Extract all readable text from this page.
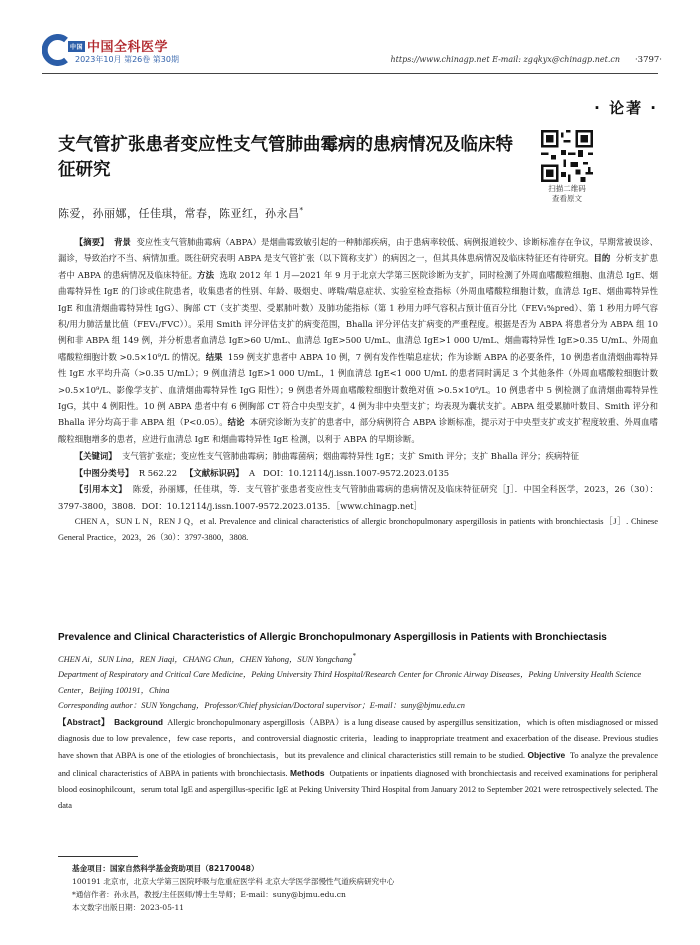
中国 中国全科医学
2023年10月 第26卷 第30期	https://www.chinagp.net E-mail: zgqkyx@chinagp.net.cn ·3797·
· 论著 ·
支气管扩张患者变应性支气管肺曲霉病的患病情况及临床特征研究
扫描二维码
查看原文
陈爱，孙丽娜，任佳琪，常春，陈亚红，孙永昌*

【摘要】 背景 变应性支气管肺曲霉病（ABPA）是烟曲霉致敏引起的一种肺部疾病，由于患病率较低、病例报道较少、诊断标准存在争议，早期常被误诊、漏诊，导致治疗不当、病情加重。既往研究表明 ABPA 是支气管扩张（以下简称支扩）的病因之一，但其具体患病情况及临床特征还有待研究。目的 分析支扩患者中 ABPA 的患病情况及临床特征。方法 选取 2012 年 1 月—2021 年 9 月于北京大学第三医院诊断为支扩，同时检测了外周血嗜酸粒细胞、血清总 IgE、烟曲霉特异性 IgE 的门诊或住院患者，收集患者的性别、年龄、吸烟史、哮喘/喘息症状、实验室检查指标（外周血嗜酸粒细胞计数，血清总 IgE、烟曲霉特异性 IgE 和血清烟曲霉特异性 IgG）、胸部 CT（支扩类型、受累肺叶数）及肺功能指标（第 1 秒用力呼气容积占预计值百分比（FEV₁%pred）、第 1 秒用力呼气容积/用力肺活量比值（FEV₁/FVC））。采用 Smith 评分评估支扩的病变范围，Bhalla 评分评估支扩病变的严重程度。根据是否为 ABPA 将患者分为 ABPA 组 10 例和非 ABPA 组 149 例，并分析患者血清总 IgE>60 U/mL、血清总 IgE>500 U/mL、血清总 IgE>1 000 U/mL、烟曲霉特异性 IgE>0.35 U/mL、外周血嗜酸粒细胞计数 >0.5×10⁹/L 的情况。结果 159 例支扩患者中 ABPA 10 例，7 例有发作性喘息症状；作为诊断 ABPA 的必要条件，10 例患者血清烟曲霉特异性 IgE 水平均升高（>0.35 U/mL）；9 例血清总 IgE>1 000 U/mL，1 例血清总 IgE<1 000 U/mL 的患者同时满足 3 个其他条件（外周血嗜酸粒细胞计数 >0.5×10⁹/L、影像学支扩、血清烟曲霉特异性 IgG 阳性）；9 例患者外周血嗜酸粒细胞计数绝对值 >0.5×10⁹/L。10 例患者中 5 例检测了血清烟曲霉特异性 IgG，其中 4 例阳性。10 例 ABPA 患者中有 6 例胸部 CT 符合中央型支扩，4 例为非中央型支扩；均表现为囊状支扩。ABPA 组受累肺叶数目、Smith 评分和 Bhalla 评分均高于非 ABPA 组（P<0.05）。结论 本研究诊断为支扩的患者中，部分病例符合 ABPA 诊断标准，提示对于中央型支扩或支扩程度较重、外周血嗜酸粒细胞增多的患者，应进行血清总 IgE 和烟曲霉特异性 IgE 检测，以利于 ABPA 的早期诊断。

【关键词】 支气管扩张症；变应性支气管肺曲霉病；肺曲霉菌病；烟曲霉特异性 IgE；支扩 Smith 评分；支扩 Bhalla 评分；疾病特征

【中图分类号】 R 562.22 【文献标识码】 A DOI：10.12114/j.issn.1007-9572.2023.0135

【引用本文】 陈爱，孙丽娜，任佳琪，等．支气管扩张患者变应性支气管肺曲霉病的患病情况及临床特征研究［J］．中国全科医学，2023，26（30）：3797-3800，3808．DOI：10.12114/j.issn.1007-9572.2023.0135．［www.chinagp.net］

CHEN A，SUN L N，REN J Q，et al. Prevalence and clinical characteristics of allergic bronchopulmonary aspergillosis in patients with bronchiectasis［J］. Chinese General Practice，2023，26（30）：3797-3800，3808.

Prevalence and Clinical Characteristics of Allergic Bronchopulmonary Aspergillosis in Patients with Bronchiectasis
CHEN Ai，SUN Lina，REN Jiaqi，CHANG Chun，CHEN Yahong，SUN Yongchang*
Department of Respiratory and Critical Care Medicine，Peking University Third Hospital/Research Center for Chronic Airway Diseases，Peking University Health Science Center，Beijing 100191，China
Corresponding author：SUN Yongchang，Professor/Chief physician/Doctoral supervisor；E-mail：suny@bjmu.edu.cn
【Abstract】 Background Allergic bronchopulmonary aspergillosis（ABPA）is a lung disease caused by aspergillus sensitization，which is often misdiagnosed or missed diagnosis due to low prevalence，few case reports，and controversial diagnostic criteria，leading to inappropriate treatment and exacerbation of the disease. Previous studies have shown that ABPA is one of the etiologies of bronchiectasis，but its prevalence and clinical characteristics still remain to be studied. Objective To analyze the prevalence and clinical characteristics of ABPA in patients with bronchiectasis. Methods Outpatients or inpatients diagnosed with bronchiectasis and received examinations for peripheral blood eosinophilcount，serum total IgE and aspergillus-specific IgE at Peking University Third Hospital from January 2012 to September 2021 were retrospectively selected. The data
基金项目：国家自然科学基金资助项目（82170048）
100191 北京市，北京大学第三医院呼吸与危重症医学科 北京大学医学部慢性气道疾病研究中心
*通信作者：孙永昌，教授/主任医师/博士生导师；E-mail：suny@bjmu.edu.cn
本文数字出版日期：2023-05-11
